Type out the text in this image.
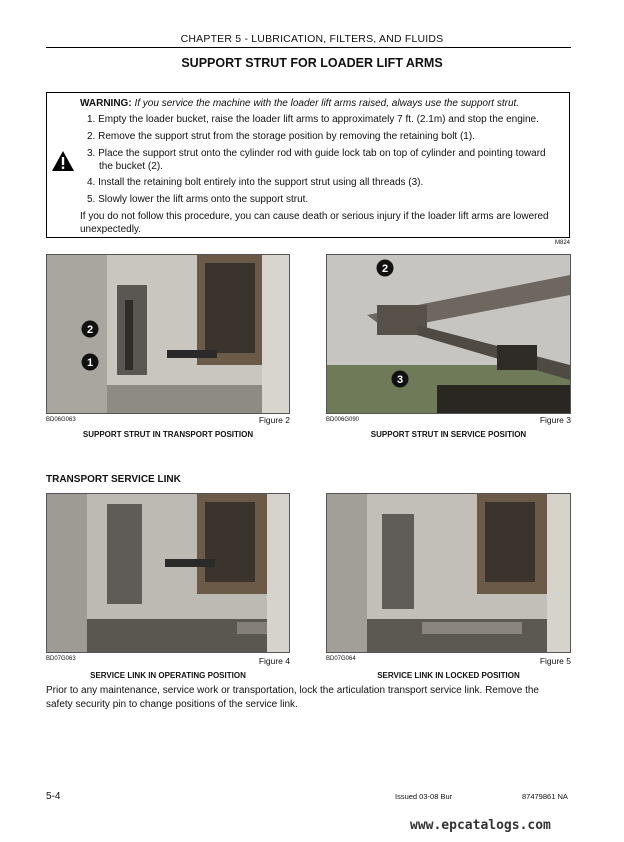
CHAPTER 5 - LUBRICATION, FILTERS, AND FLUIDS
SUPPORT STRUT FOR LOADER LIFT ARMS
WARNING: If you service the machine with the loader lift arms raised, always use the support strut.
1. Empty the loader bucket, raise the loader lift arms to approximately 7 ft. (2.1m) and stop the engine.
2. Remove the support strut from the storage position by removing the retaining bolt (1).
3. Place the support strut onto the cylinder rod with guide lock tab on top of cylinder and pointing toward
the bucket (2).
4. Install the retaining bolt entirely into the support strut using all threads (3).
5. Slowly lower the lift arms onto the support strut.
If you do not follow this procedure, you can cause death or serious injury if the loader lift arms are lowered
unexpectedly.
M824
2
1
BD06G063	Figure 2
SUPPORT STRUT IN TRANSPORT POSITION
2
3
BD006G090	Figure 3
SUPPORT STRUT IN SERVICE POSITION
TRANSPORT SERVICE LINK
BD07G063	Figure 4
SERVICE LINK IN OPERATING POSITION
BD07G064	Figure 5
SERVICE LINK IN LOCKED POSITION
Prior to any maintenance, service work or transportation, lock the articulation transport service link. Remove the
safety security pin to change positions of the service link.
5-4	Issued 03-08 Bur	87479861 NA
www.epcatalogs.com
